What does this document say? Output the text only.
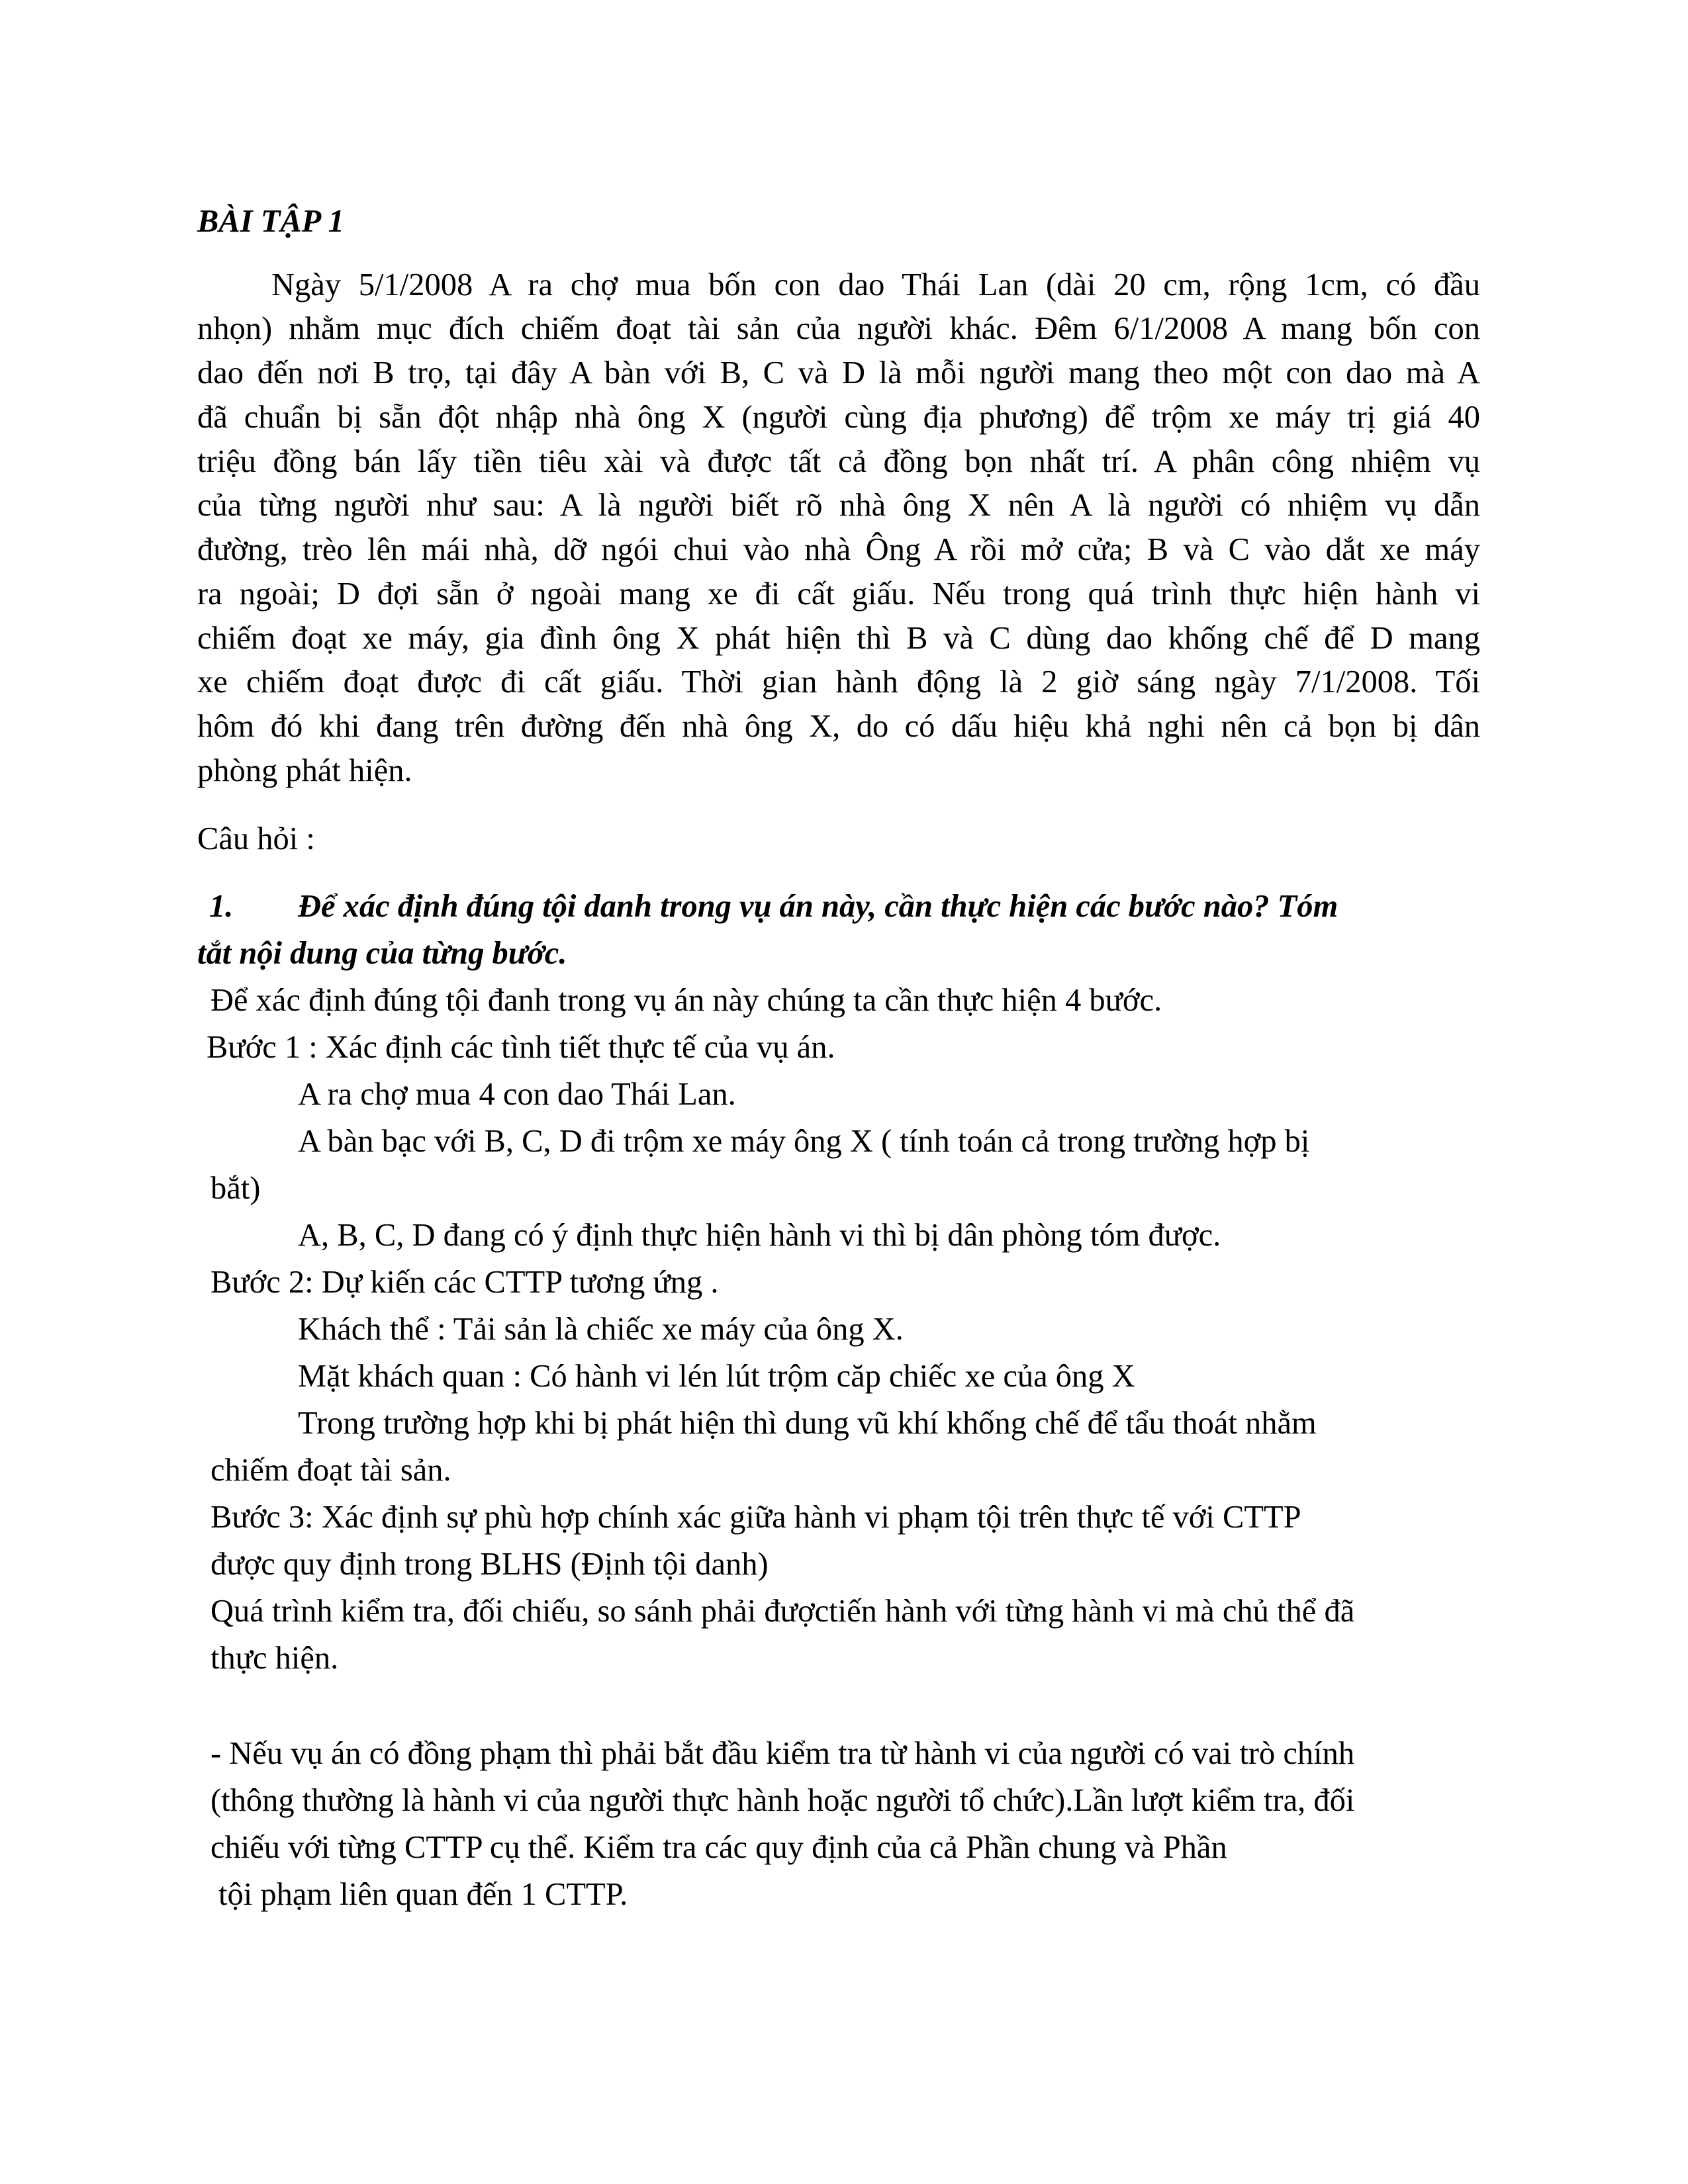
BÀI TẬP 1
Ngày 5/1/2008 A ra chợ mua bốn con dao Thái Lan (dài 20 cm, rộng 1cm, có đầu
nhọn) nhằm mục đích chiếm đoạt tài sản của người khác. Đêm 6/1/2008 A mang bốn con
dao đến nơi B trọ, tại đây A bàn với B, C và D là mỗi người mang theo một con dao mà A
đã chuẩn bị sẵn đột nhập nhà ông X (người cùng địa phương) để trộm xe máy trị giá 40
triệu đồng bán lấy tiền tiêu xài và được tất cả đồng bọn nhất trí. A phân công nhiệm vụ
của từng người như sau: A là người biết rõ nhà ông X nên A là người có nhiệm vụ dẫn
đường, trèo lên mái nhà, dỡ ngói chui vào nhà Ông A rồi mở cửa; B và C vào dắt xe máy
ra ngoài; D đợi sẵn ở ngoài mang xe đi cất giấu. Nếu trong quá trình thực hiện hành vi
chiếm đoạt xe máy, gia đình ông X phát hiện thì B và C dùng dao khống chế để D mang
xe chiếm đoạt được đi cất giấu. Thời gian hành động là 2 giờ sáng ngày 7/1/2008. Tối
hôm đó khi đang trên đường đến nhà ông X, do có dấu hiệu khả nghi nên cả bọn bị dân
phòng phát hiện.
Câu hỏi :
1. Để xác định đúng tội danh trong vụ án này, cần thực hiện các bước nào? Tóm
tắt nội dung của từng bước.
Để xác định đúng tội đanh trong vụ án này chúng ta cần thực hiện 4 bước.
Bước 1 : Xác định các tình tiết thực tế của vụ án.
A ra chợ mua 4 con dao Thái Lan.
A bàn bạc với B, C, D đi trộm xe máy ông X ( tính toán cả trong trường hợp bị
bắt)
A, B, C, D đang có ý định thực hiện hành vi thì bị dân phòng tóm được.
Bước 2: Dự kiến các CTTP tương ứng .
Khách thể : Tải sản là chiếc xe máy của ông X.
Mặt khách quan : Có hành vi lén lút trộm căp chiếc xe của ông X
Trong trường hợp khi bị phát hiện thì dung vũ khí khống chế để tẩu thoát nhằm
chiếm đoạt tài sản.
Bước 3: Xác định sự phù hợp chính xác giữa hành vi phạm tội trên thực tế với CTTP
được quy định trong BLHS (Định tội danh)
Quá trình kiểm tra, đối chiếu, so sánh phải đượctiến hành với từng hành vi mà chủ thể đã
thực hiện.
- Nếu vụ án có đồng phạm thì phải bắt đầu kiểm tra từ hành vi của người có vai trò chính
(thông thường là hành vi của người thực hành hoặc người tổ chức).Lần lượt kiểm tra, đối
chiếu với từng CTTP cụ thể. Kiểm tra các quy định của cả Phần chung và Phần
tội phạm liên quan đến 1 CTTP.
